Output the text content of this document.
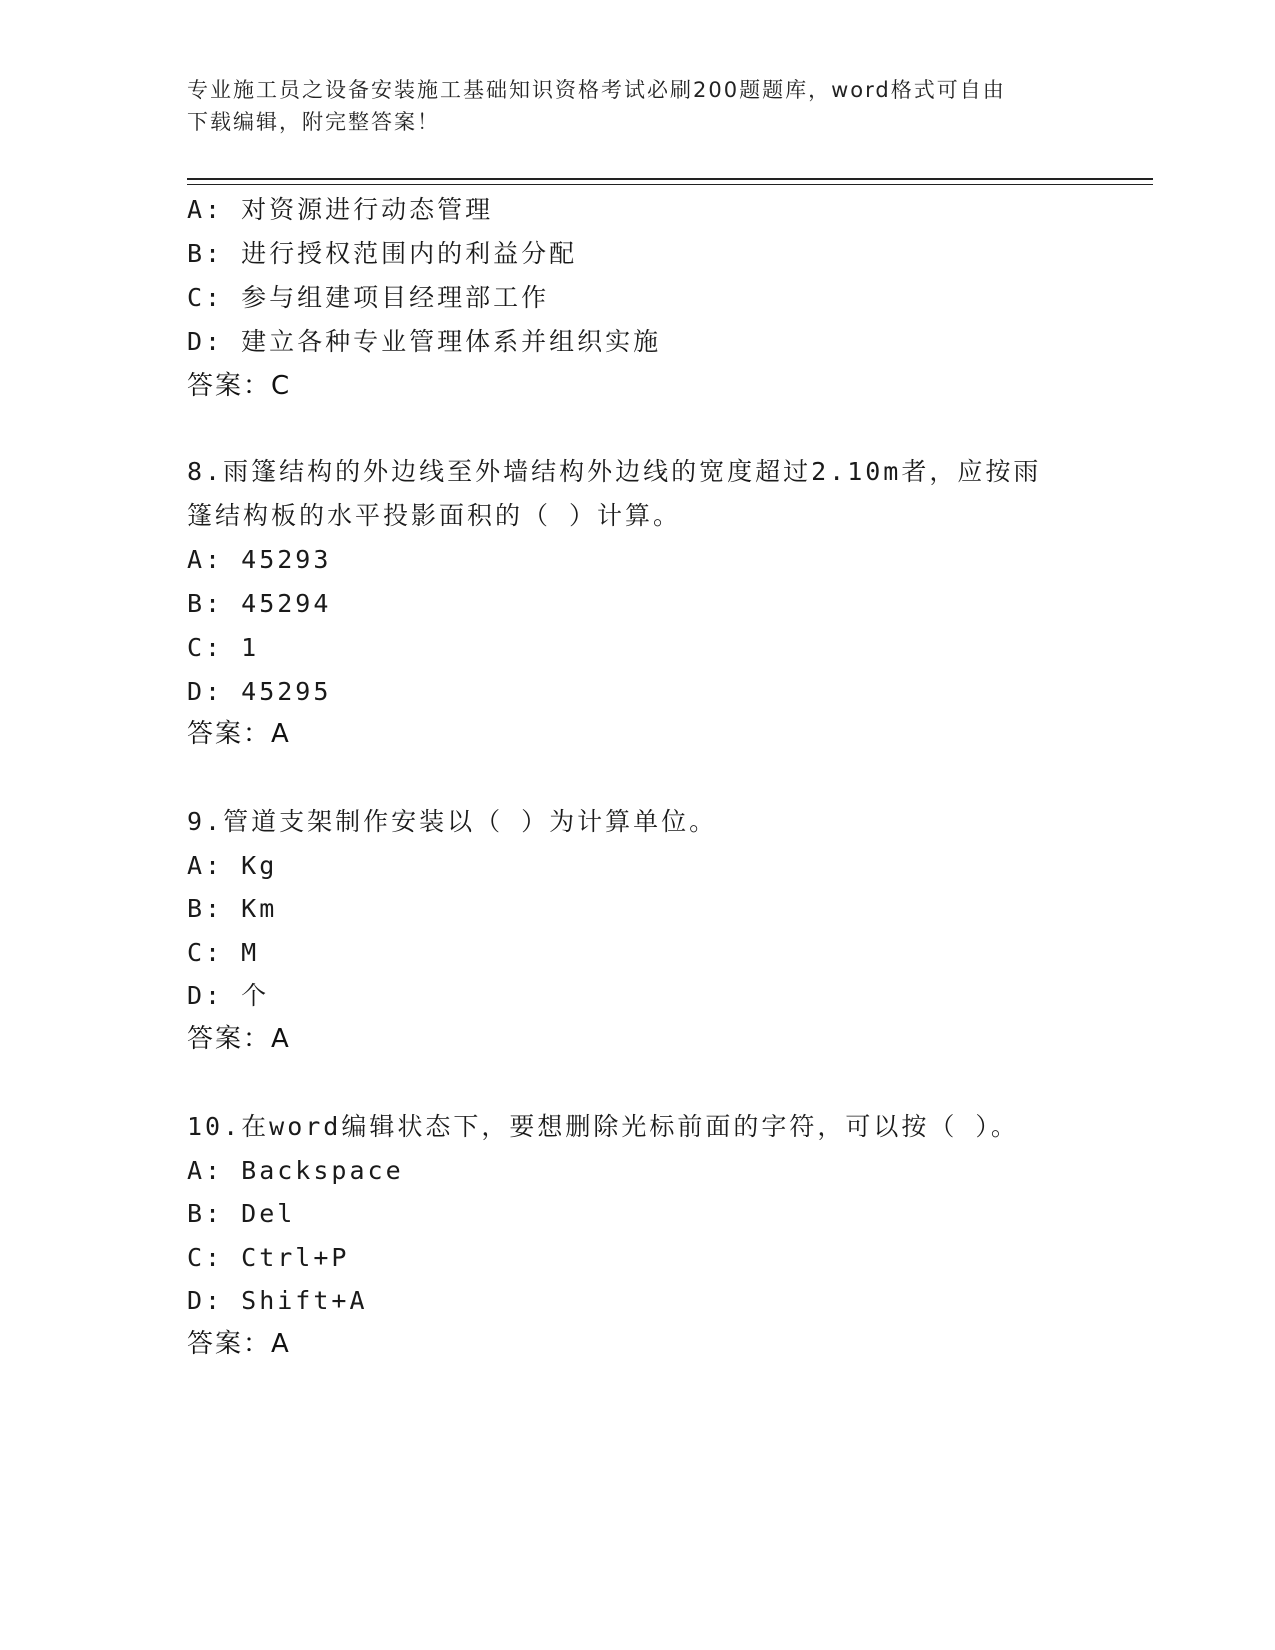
专业施工员之设备安装施工基础知识资格考试必刷200题题库，word格式可自由
下载编辑，附完整答案！
A: 对资源进行动态管理
B: 进行授权范围内的利益分配
C: 参与组建项目经理部工作
D: 建立各种专业管理体系并组织实施
答案：C
8.雨篷结构的外边线至外墙结构外边线的宽度超过2.10m者，应按雨
篷结构板的水平投影面积的（ ）计算。
A: 45293
B: 45294
C: 1
D: 45295
答案：A
9.管道支架制作安装以（ ）为计算单位。
A: Kg
B: Km
C: M
D: 个
答案：A
10.在word编辑状态下，要想删除光标前面的字符，可以按（ ）。
A: Backspace
B: Del
C: Ctrl+P
D: Shift+A
答案：A
